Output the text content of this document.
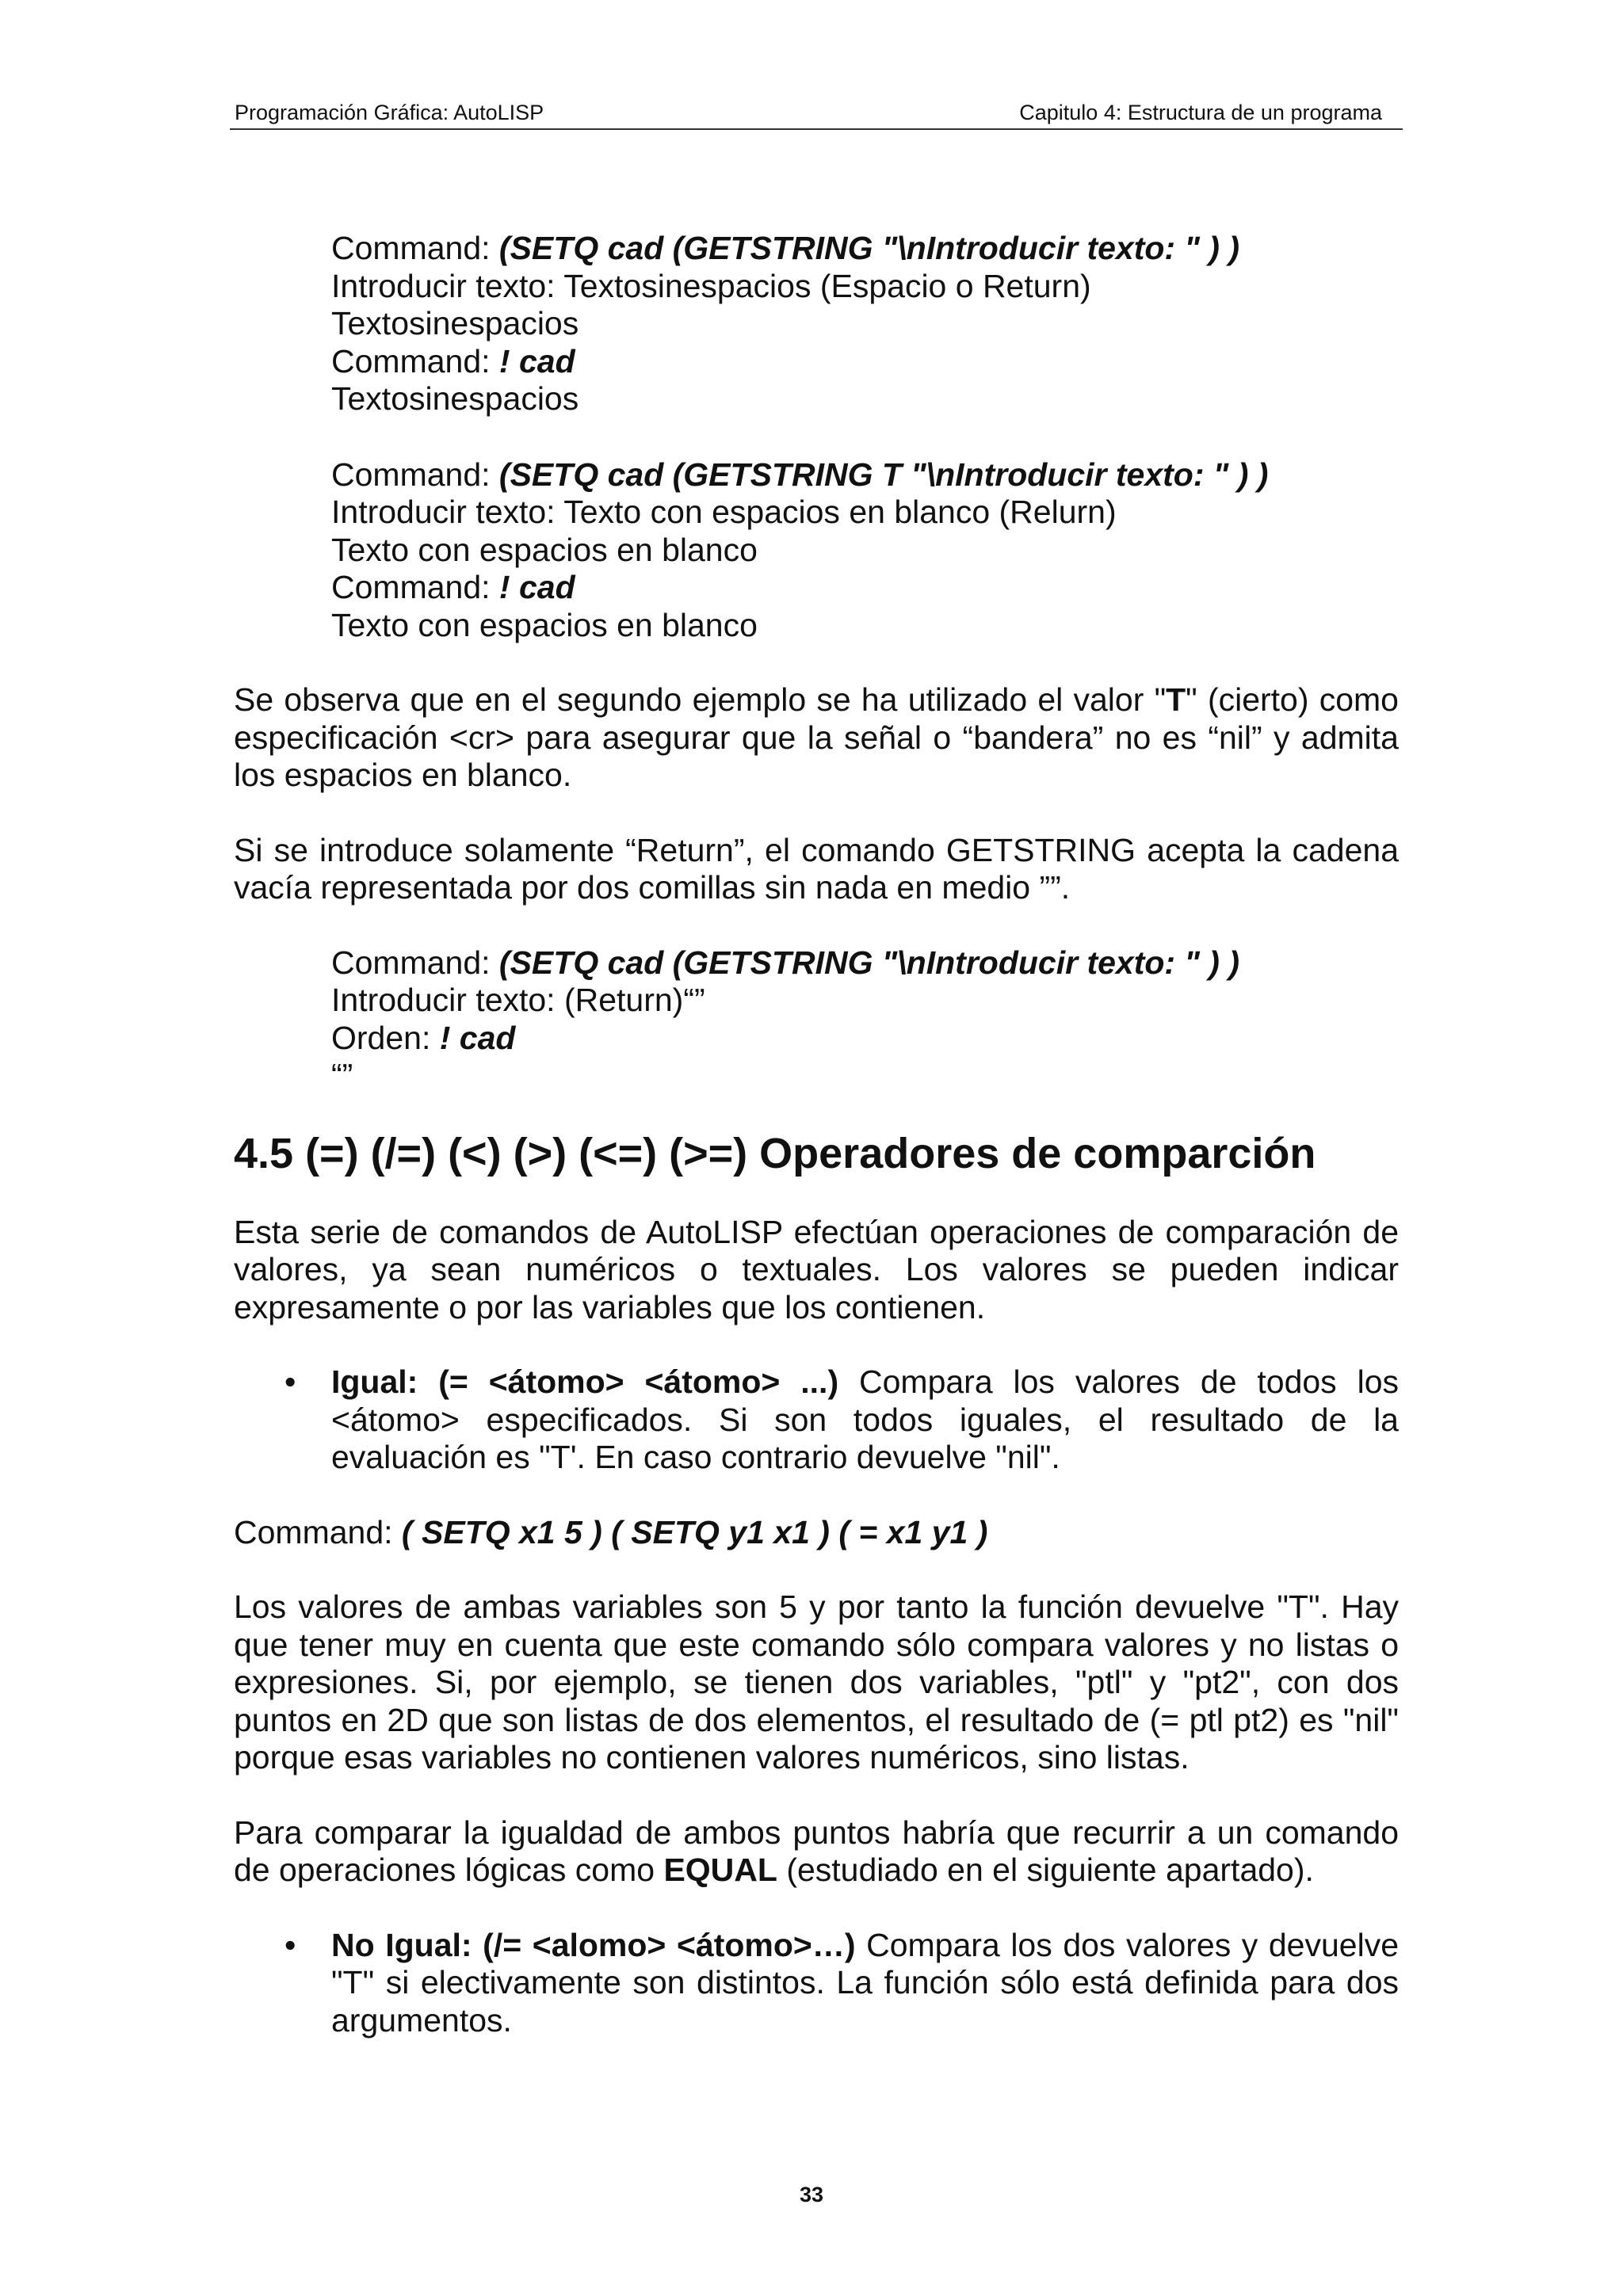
Programación Gráfica: AutoLISP	Capitulo 4: Estructura de un programa
Command: (SETQ cad (GETSTRING "\nIntroducir texto: " ) )
Introducir texto: Textosinespacios (Espacio o Return)
Textosinespacios
Command: ! cad
Textosinespacios
Command: (SETQ cad (GETSTRING T "\nIntroducir texto: " ) )
Introducir texto: Texto con espacios en blanco (Relurn)
Texto con espacios en blanco
Command: ! cad
Texto con espacios en blanco

Se observa que en el segundo ejemplo se ha utilizado el valor "T" (cierto) como especificación <cr> para asegurar que la señal o “bandera” no es “nil” y admita los espacios en blanco.

Si se introduce solamente “Return”, el comando GETSTRING acepta la cadena vacía representada por dos comillas sin nada en medio ””.

Command: (SETQ cad (GETSTRING "\nIntroducir texto: " ) )
Introducir texto: (Return)“”
Orden: ! cad
“”
4.5 (=) (/=) (<) (>) (<=) (>=) Operadores de comparción

Esta serie de comandos de AutoLISP efectúan operaciones de comparación de valores, ya sean numéricos o textuales. Los valores se pueden indicar expresamente o por las variables que los contienen.

• Igual: (= <átomo> <átomo> ...) Compara los valores de todos los <átomo> especificados. Si son todos iguales, el resultado de la evaluación es "T'. En caso contrario devuelve "nil".
Command: ( SETQ x1 5 ) ( SETQ y1 x1 ) ( = x1 y1 )

Los valores de ambas variables son 5 y por tanto la función devuelve "T". Hay que tener muy en cuenta que este comando sólo compara valores y no listas o expresiones. Si, por ejemplo, se tienen dos variables, "ptl" y "pt2", con dos puntos en 2D que son listas de dos elementos, el resultado de (= ptl pt2) es "nil" porque esas variables no contienen valores numéricos, sino listas.

Para comparar la igualdad de ambos puntos habría que recurrir a un comando de operaciones lógicas como EQUAL (estudiado en el siguiente apartado).

• No Igual: (/= <alomo> <átomo>…) Compara los dos valores y devuelve "T" si electivamente son distintos. La función sólo está definida para dos argumentos.
33
